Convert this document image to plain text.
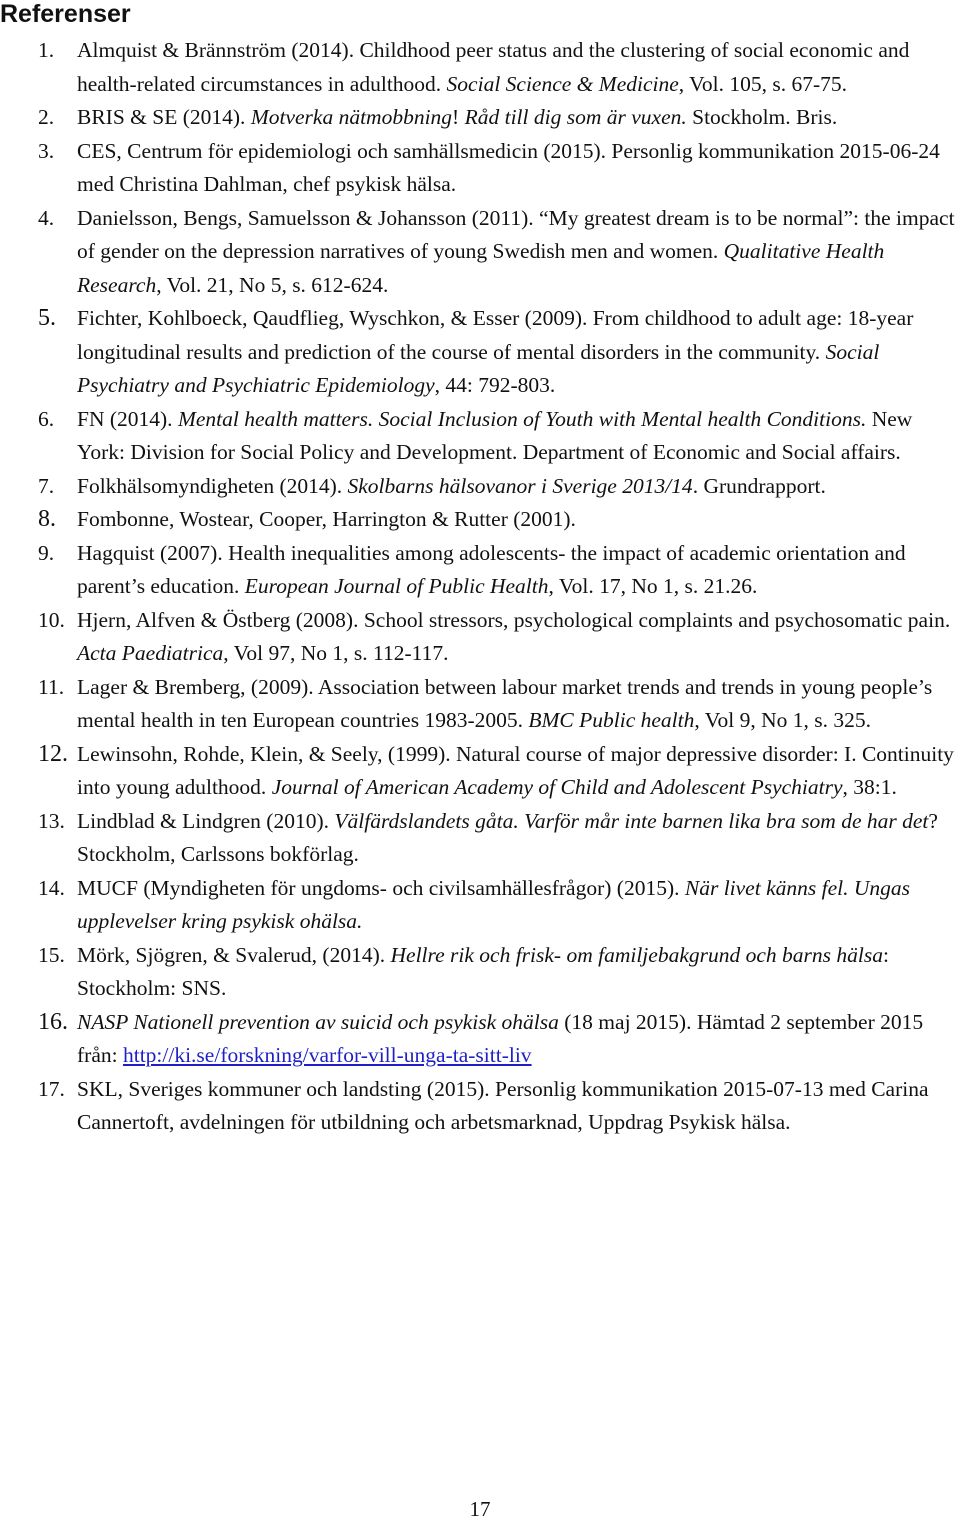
Referenser
1. Almquist & Brännström (2014). Childhood peer status and the clustering of social economic and health-related circumstances in adulthood. Social Science & Medicine, Vol. 105, s. 67-75.
2. BRIS & SE (2014). Motverka nätmobbning! Råd till dig som är vuxen. Stockholm. Bris.
3. CES, Centrum för epidemiologi och samhällsmedicin (2015). Personlig kommunikation 2015-06-24 med Christina Dahlman, chef psykisk hälsa.
4. Danielsson, Bengs, Samuelsson & Johansson (2011). “My greatest dream is to be normal”: the impact of gender on the depression narratives of young Swedish men and women. Qualitative Health Research, Vol. 21, No 5, s. 612-624.
5. Fichter, Kohlboeck, Qaudflieg, Wyschkon, & Esser (2009). From childhood to adult age: 18-year longitudinal results and prediction of the course of mental disorders in the community. Social Psychiatry and Psychiatric Epidemiology, 44: 792-803.
6. FN (2014). Mental health matters. Social Inclusion of Youth with Mental health Conditions. New York: Division for Social Policy and Development. Department of Economic and Social affairs.
7. Folkhälsomyndigheten (2014). Skolbarns hälsovanor i Sverige 2013/14. Grundrapport.
8. Fombonne, Wostear, Cooper, Harrington & Rutter (2001).
9. Hagquist (2007). Health inequalities among adolescents- the impact of academic orientation and parent’s education. European Journal of Public Health, Vol. 17, No 1, s. 21.26.
10. Hjern, Alfven & Östberg (2008). School stressors, psychological complaints and psychosomatic pain. Acta Paediatrica, Vol 97, No 1, s. 112-117.
11. Lager & Bremberg, (2009). Association between labour market trends and trends in young people’s mental health in ten European countries 1983-2005. BMC Public health, Vol 9, No 1, s. 325.
12. Lewinsohn, Rohde, Klein, & Seely, (1999). Natural course of major depressive disorder: I. Continuity into young adulthood. Journal of American Academy of Child and Adolescent Psychiatry, 38:1.
13. Lindblad & Lindgren (2010). Välfärdslandets gåta. Varför mår inte barnen lika bra som de har det? Stockholm, Carlssons bokförlag.
14. MUCF (Myndigheten för ungdoms- och civilsamhällesfrågor) (2015). När livet känns fel. Ungas upplevelser kring psykisk ohälsa.
15. Mörk, Sjögren, & Svalerud, (2014). Hellre rik och frisk- om familjebakgrund och barns hälsa: Stockholm: SNS.
16. NASP Nationell prevention av suicid och psykisk ohälsa (18 maj 2015). Hämtad 2 september 2015 från: http://ki.se/forskning/varfor-vill-unga-ta-sitt-liv
17. SKL, Sveriges kommuner och landsting (2015). Personlig kommunikation 2015-07-13 med Carina Cannertoft, avdelningen för utbildning och arbetsmarknad, Uppdrag Psykisk hälsa.
17
